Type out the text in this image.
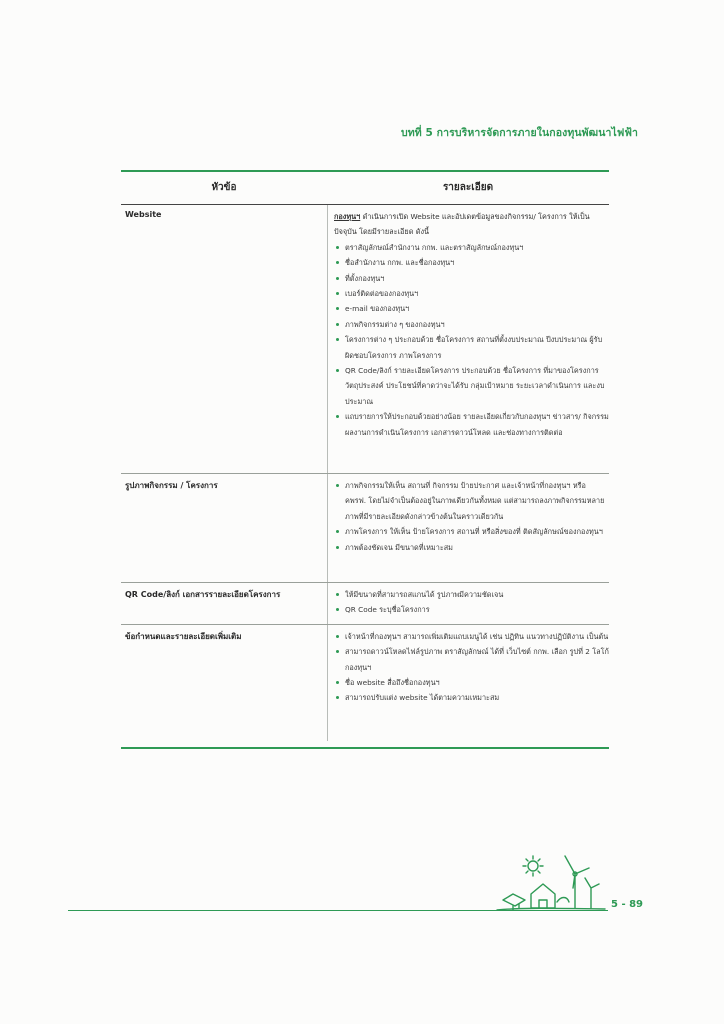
บทที่ 5 การบริหารจัดการภายในกองทุนพัฒนาไฟฟ้า
หัวข้อ	รายละเอียด
Website	กองทุนฯ ดำเนินการเปิด Website และอัปเดตข้อมูลของกิจกรรม/ โครงการ ให้เป็นปัจจุบัน โดยมีรายละเอียด ดังนี้
ตราสัญลักษณ์สำนักงาน กกพ. และตราสัญลักษณ์กองทุนฯ
ชื่อสำนักงาน กกพ. และชื่อกองทุนฯ
ที่ตั้งกองทุนฯ
เบอร์ติดต่อของกองทุนฯ
e-mail ของกองทุนฯ
ภาพกิจกรรมต่าง ๆ ของกองทุนฯ
โครงการต่าง ๆ ประกอบด้วย ชื่อโครงการ สถานที่ตั้งงบประมาณ ปีงบประมาณ ผู้รับผิดชอบโครงการ ภาพโครงการ
QR Code/ลิงก์ รายละเอียดโครงการ ประกอบด้วย ชื่อโครงการ ที่มาของโครงการ วัตถุประสงค์ ประโยชน์ที่คาดว่าจะได้รับ กลุ่มเป้าหมาย ระยะเวลาดำเนินการ และงบประมาณ
แถบรายการให้ประกอบด้วยอย่างน้อย รายละเอียดเกี่ยวกับกองทุนฯ ข่าวสาร/ กิจกรรม ผลงานการดำเนินโครงการ เอกสารดาวน์โหลด และช่องทางการติดต่อ
รูปภาพกิจกรรม / โครงการ	ภาพกิจกรรมให้เห็น สถานที่ กิจกรรม ป้ายประกาศ และเจ้าหน้าที่กองทุนฯ หรือ คพรฟ. โดยไม่จำเป็นต้องอยู่ในภาพเดียวกันทั้งหมด แต่สามารถลงภาพกิจกรรมหลายภาพที่มีรายละเอียดดังกล่าวข้างต้นในคราวเดียวกัน
ภาพโครงการ ให้เห็น ป้ายโครงการ สถานที่ หรือสิ่งของที่ ติดสัญลักษณ์ของกองทุนฯ
ภาพต้องชัดเจน มีขนาดที่เหมาะสม
QR Code/ลิงก์ เอกสารรายละเอียดโครงการ	ให้มีขนาดที่สามารถสแกนได้ รูปภาพมีความชัดเจน
QR Code ระบุชื่อโครงการ
ข้อกำหนดและรายละเอียดเพิ่มเติม	เจ้าหน้าที่กองทุนฯ สามารถเพิ่มเติมแถบเมนูได้ เช่น ปฏิทิน แนวทางปฏิบัติงาน เป็นต้น
สามารถดาวน์โหลดไฟล์รูปภาพ ตราสัญลักษณ์ ได้ที่ เว็บไซต์ กกพ. เลือก รูปที่ 2 โลโก้กองทุนฯ
ชื่อ website สื่อถึงชื่อกองทุนฯ
สามารถปรับแต่ง website ได้ตามความเหมาะสม
5 - 89
